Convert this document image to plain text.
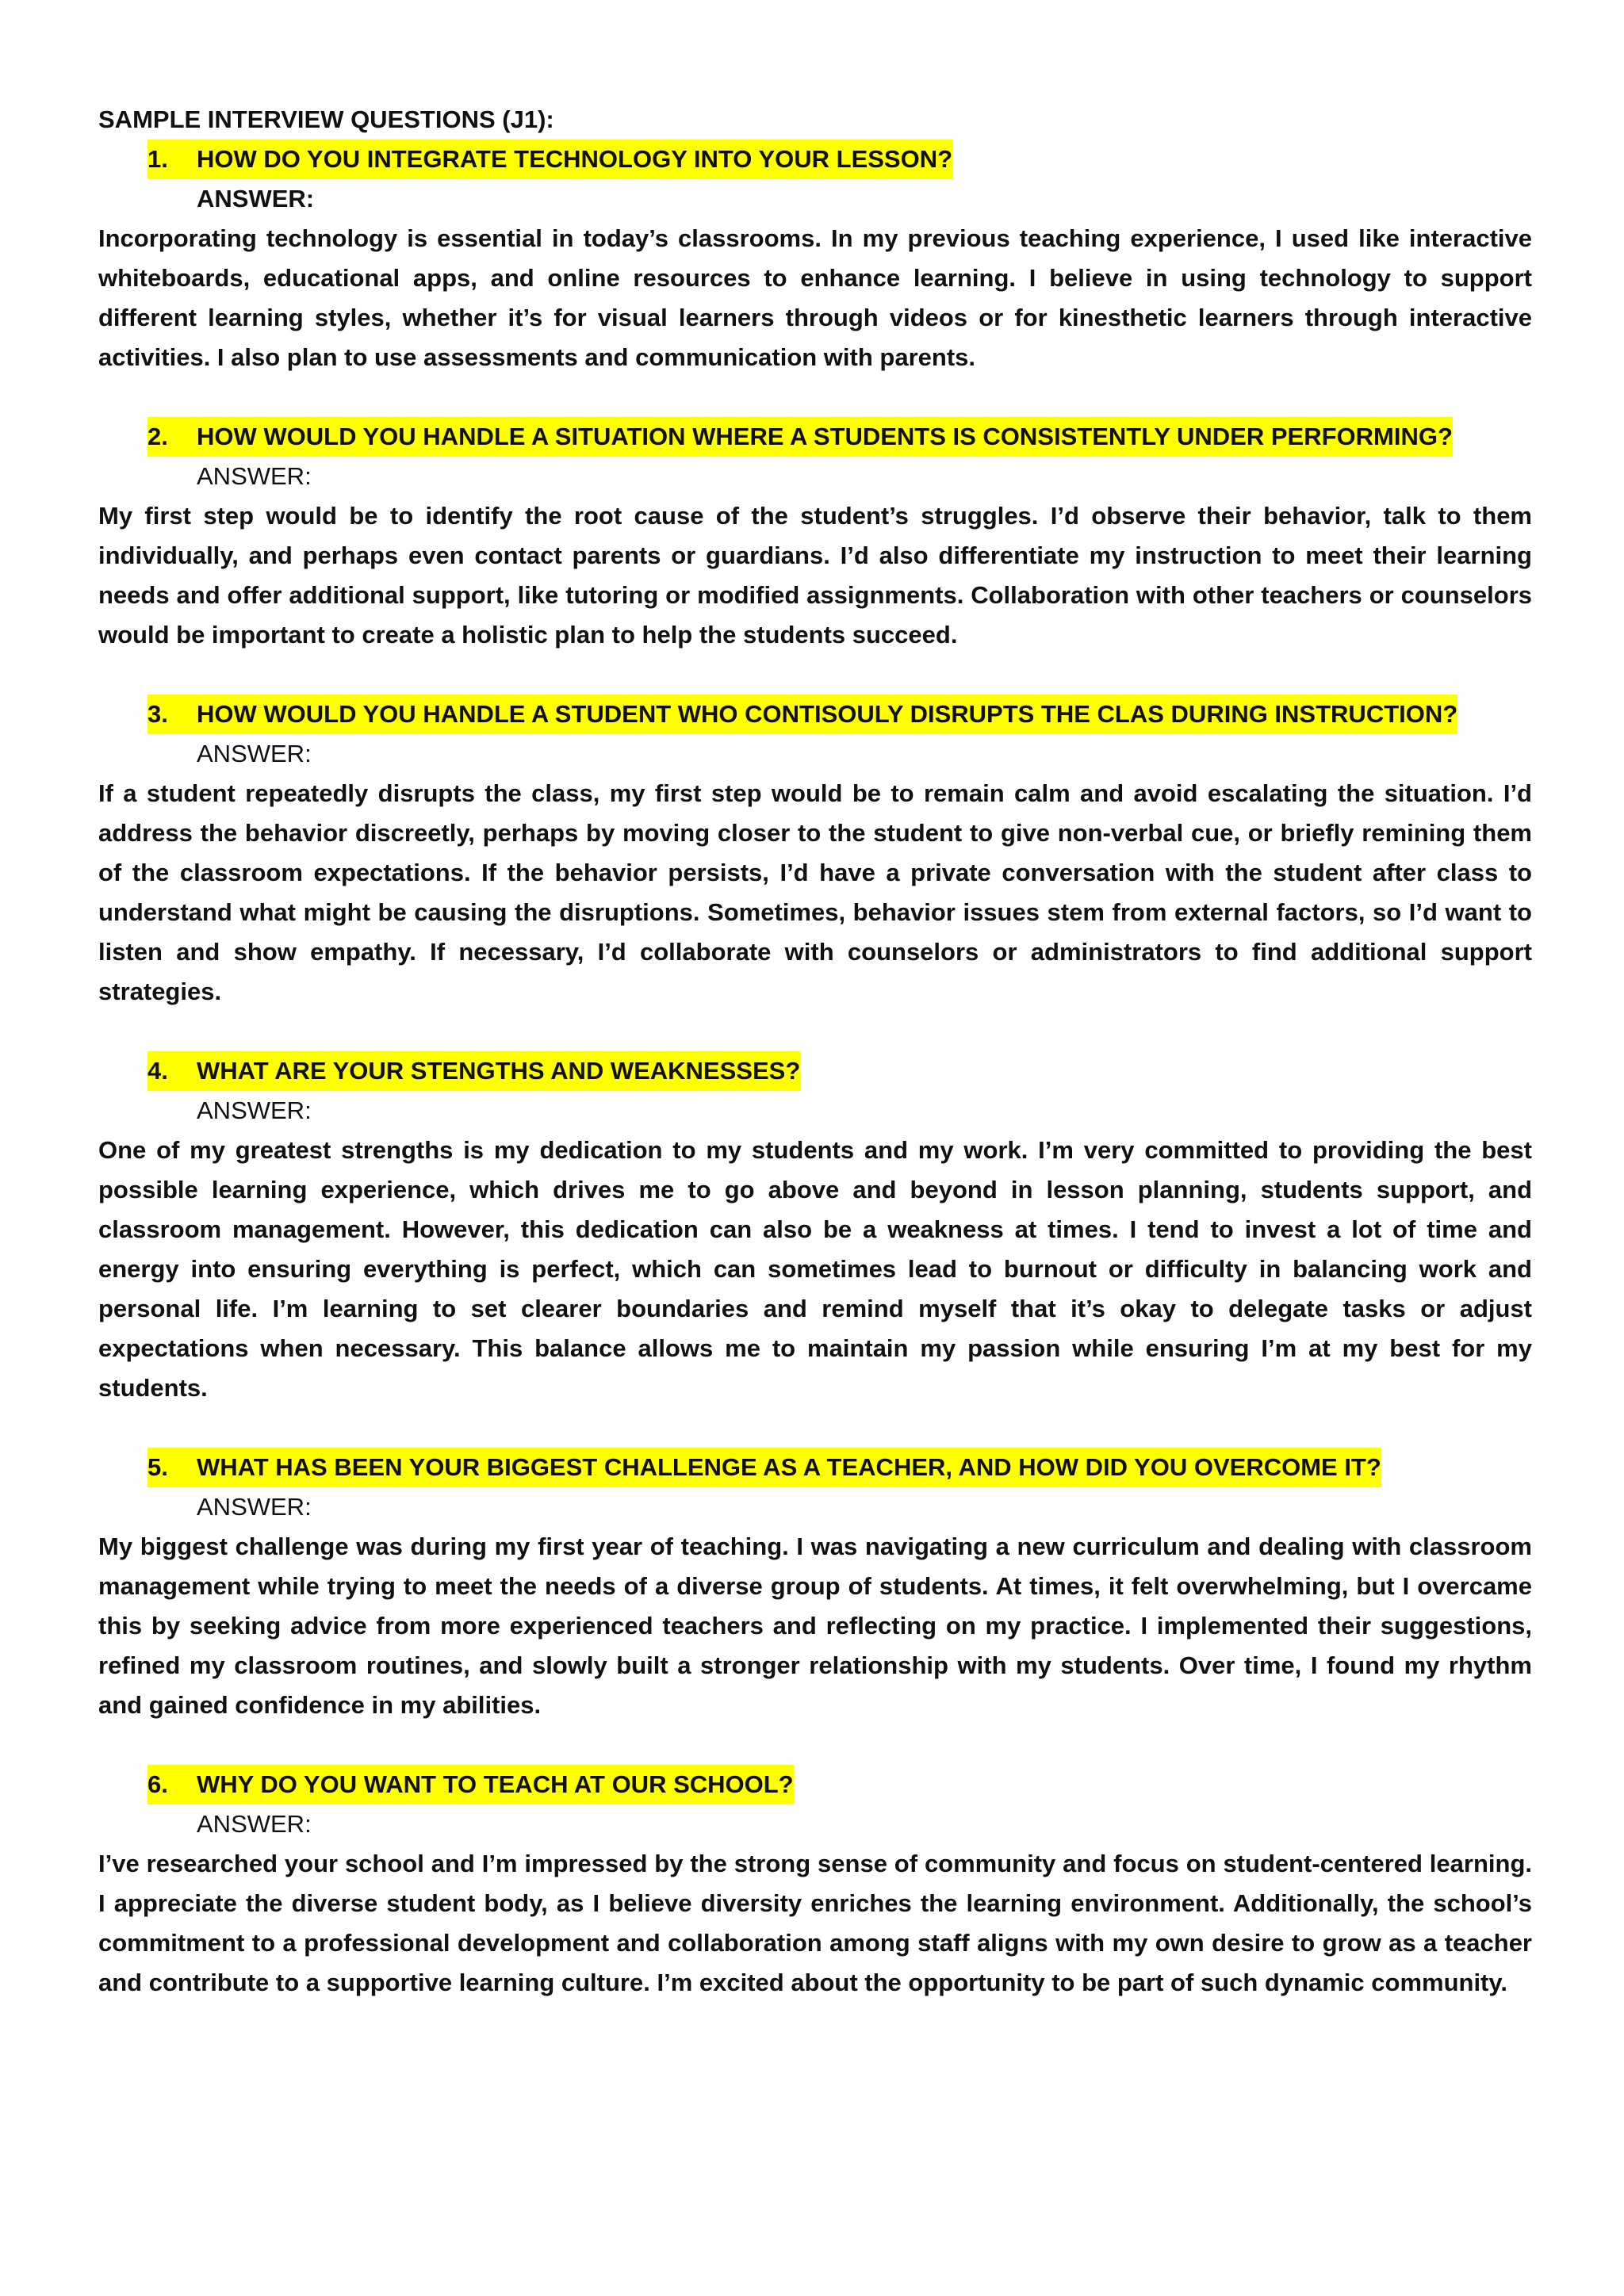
SAMPLE INTERVIEW QUESTIONS (J1):

1.	HOW DO YOU INTEGRATE TECHNOLOGY INTO YOUR LESSON?

ANSWER:

Incorporating technology is essential in today’s classrooms. In my previous teaching experience, I used like interactive whiteboards, educational apps, and online resources to enhance learning. I believe in using technology to support different learning styles, whether it’s for visual learners through videos or for kinesthetic learners through interactive activities. I also plan to use assessments and communication with parents.

2.	HOW WOULD YOU HANDLE A SITUATION WHERE A STUDENTS IS CONSISTENTLY UNDER PERFORMING?

ANSWER:

My first step would be to identify the root cause of the student’s struggles. I’d observe their behavior, talk to them individually, and perhaps even contact parents or guardians. I’d also differentiate my instruction to meet their learning needs and offer additional support, like tutoring or modified assignments. Collaboration with other teachers or counselors would be important to create a holistic plan to help the students succeed.

3.	HOW WOULD YOU HANDLE A STUDENT WHO CONTISOULY DISRUPTS THE CLAS DURING INSTRUCTION?

ANSWER:

If a student repeatedly disrupts the class, my first step would be to remain calm and avoid escalating the situation. I’d address the behavior discreetly, perhaps by moving closer to the student to give non-verbal cue, or briefly remining them of the classroom expectations. If the behavior persists, I’d have a private conversation with the student after class to understand what might be causing the disruptions. Sometimes, behavior issues stem from external factors, so I’d want to listen and show empathy. If necessary, I’d collaborate with counselors or administrators to find additional support strategies.

4.	WHAT ARE YOUR STENGTHS AND WEAKNESSES?

ANSWER:

One of my greatest strengths is my dedication to my students and my work. I’m very committed to providing the best possible learning experience, which drives me to go above and beyond in lesson planning, students support, and classroom management. However, this dedication can also be a weakness at times. I tend to invest a lot of time and energy into ensuring everything is perfect, which can sometimes lead to burnout or difficulty in balancing work and personal life. I’m learning to set clearer boundaries and remind myself that it’s okay to delegate tasks or adjust expectations when necessary. This balance allows me to maintain my passion while ensuring I’m at my best for my students.

5.	WHAT HAS BEEN YOUR BIGGEST CHALLENGE AS A TEACHER, AND HOW DID YOU OVERCOME IT?

ANSWER:

My biggest challenge was during my first year of teaching. I was navigating a new curriculum and dealing with classroom management while trying to meet the needs of a diverse group of students. At times, it felt overwhelming, but I overcame this by seeking advice from more experienced teachers and reflecting on my practice. I implemented their suggestions, refined my classroom routines, and slowly built a stronger relationship with my students. Over time, I found my rhythm and gained confidence in my abilities.

6.	WHY DO YOU WANT TO TEACH AT OUR SCHOOL?

ANSWER:

I’ve researched your school and I’m impressed by the strong sense of community and focus on student-centered learning. I appreciate the diverse student body, as I believe diversity enriches the learning environment. Additionally, the school’s commitment to a professional development and collaboration among staff aligns with my own desire to grow as a teacher and contribute to a supportive learning culture. I’m excited about the opportunity to be part of such dynamic community.
